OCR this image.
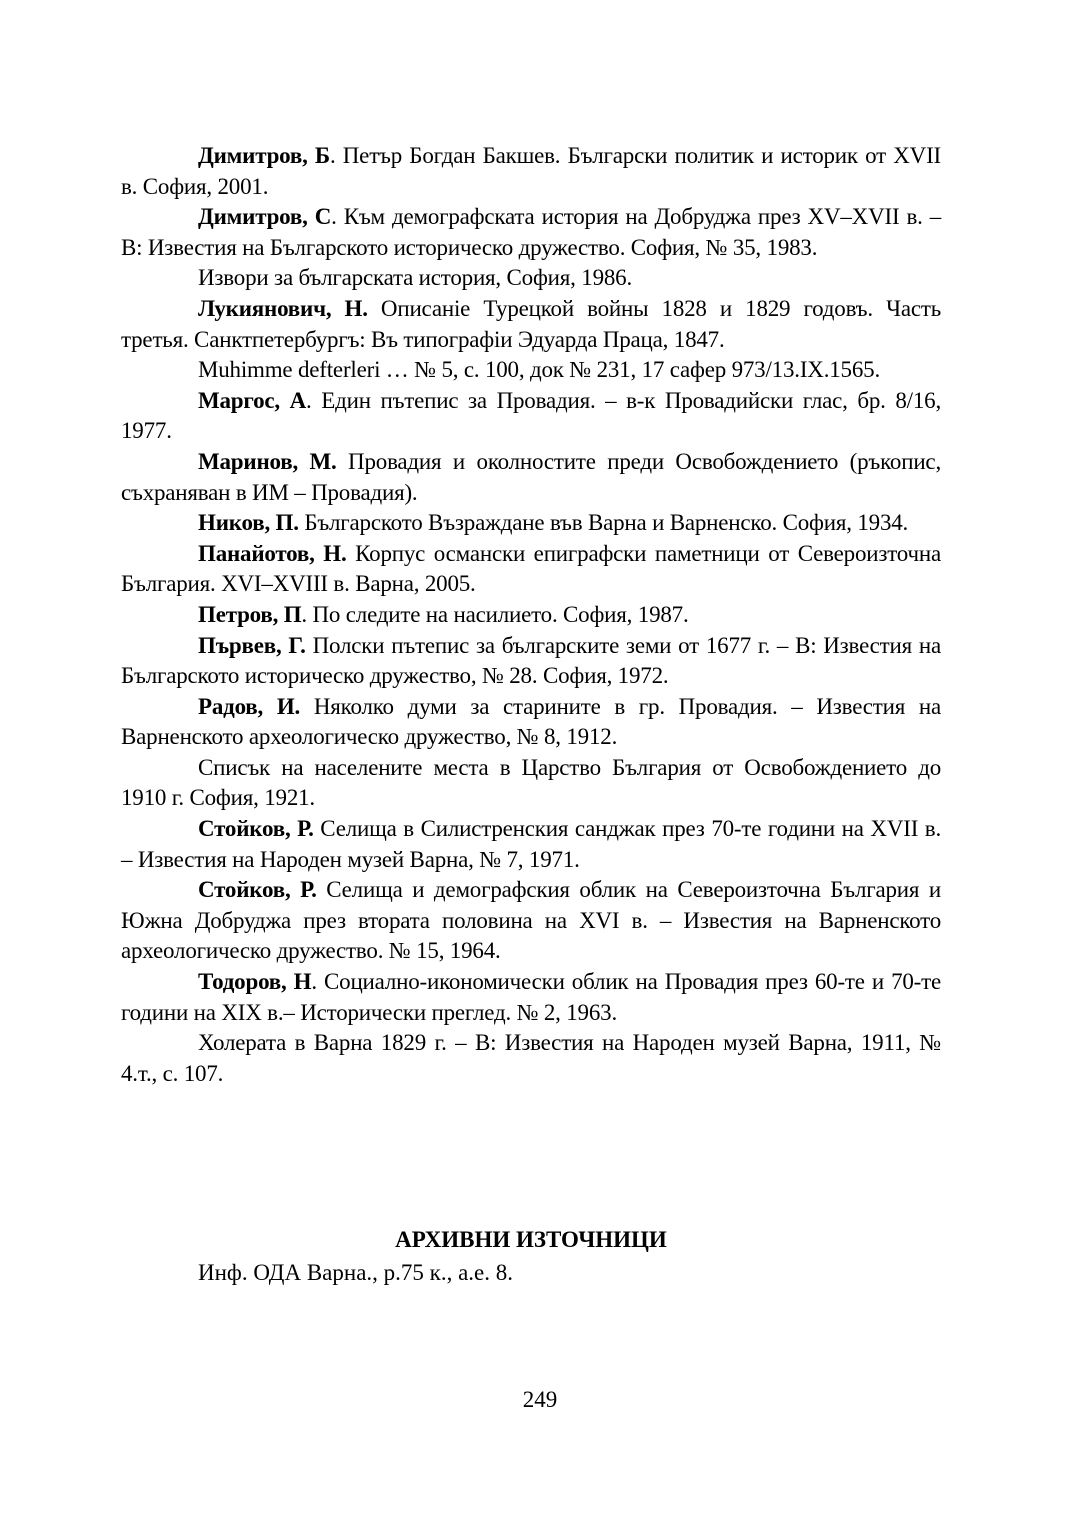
Димитров, Б. Петър Богдан Бакшев. Български политик и историк от XVII в. София, 2001.

Димитров, С. Към демографската история на Добруджа през XV–XVII в. – В: Известия на Българското историческо дружество. София, № 35, 1983.

Извори за българската история, София, 1986.

Лукиянович, Н. Описаніе Турецкой войны 1828 и 1829 годовъ. Часть третья. Санктпетербургъ: Въ типографіи Эдуарда Праца, 1847.

Muhimme defterleri … № 5, с. 100, док № 231, 17 сафер 973/13.IX.1565.

Маргос, А. Един пътепис за Провадия. – в-к Провадийски глас, бр. 8/16, 1977.

Маринов, М. Провадия и околностите преди Освобождението (ръкопис, съхраняван в ИМ – Провадия).

Ников, П. Българското Възраждане във Варна и Варненско. София, 1934.

Панайотов, Н. Корпус османски епиграфски паметници от Североизточна България. XVI–XVIII в. Варна, 2005.

Петров, П. По следите на насилието. София, 1987.

Първев, Г. Полски пътепис за българските земи от 1677 г. – В: Известия на Българското историческо дружество, № 28. София, 1972.

Радов, И. Няколко думи за старините в гр. Провадия. – Известия на Варненското археологическо дружество, № 8, 1912.

Списък на населените места в Царство България от Освобождението до 1910 г. София, 1921.

Стойков, Р. Селища в Силистренския санджак през 70-те години на XVII в. – Известия на Народен музей Варна, № 7, 1971.

Стойков, Р. Селища и демографския облик на Североизточна България и Южна Добруджа през втората половина на XVI в. – Известия на Варненското археологическо дружество. № 15, 1964.

Тодоров, Н. Социално-икономически облик на Провадия през 60-те и 70-те години на XIX в.– Исторически преглед. № 2, 1963.

Холерата в Варна 1829 г. – В: Известия на Народен музей Варна, 1911, № 4.т., с. 107.

АРХИВНИ ИЗТОЧНИЦИ
Инф. ОДА Варна., р.75 к., а.е. 8.
249
